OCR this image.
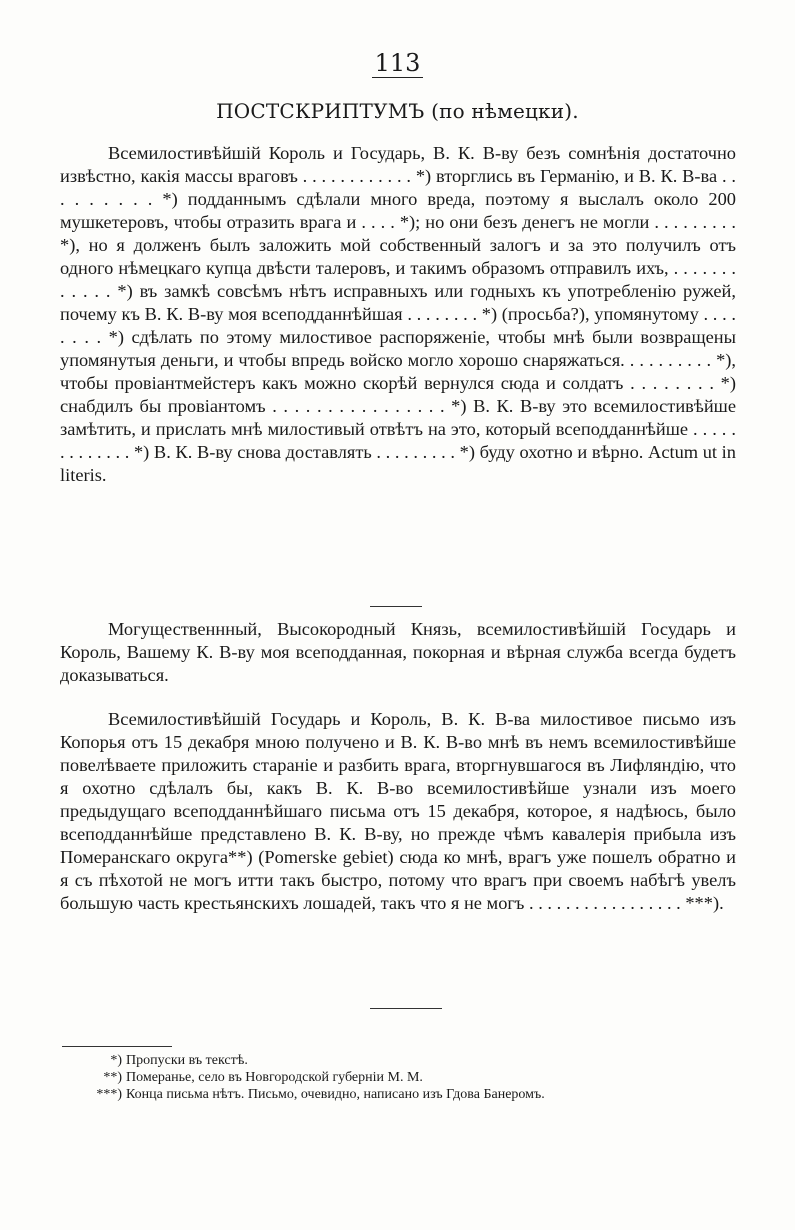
113
ПОСТСКРИПТУМЪ (по нѣмецки).

Всемилостивѣйшій Король и Государь, В. К. В-ву безъ сомнѣнія достаточно извѣстно, какія массы враговъ . . . . . . . . . . . . *) вторглись въ Германію, и В. К. В-ва . . . . . . . . . *) подданнымъ сдѣлали много вреда, поэтому я выслалъ около 200 мушкетеровъ, чтобы отразить врага и . . . . *); но они безъ денегъ не могли . . . . . . . . . *), но я долженъ былъ заложить мой собственный залогъ и за это получилъ отъ одного нѣмецкаго купца двѣсти талеровъ, и такимъ образомъ отправилъ ихъ, . . . . . . . . . . . . *) въ замкѣ совсѣмъ нѣтъ исправныхъ или годныхъ къ употребленію ружей, почему къ В. К. В-ву моя всеподданнѣйшая . . . . . . . . *) (просьба?), упомянутому . . . . . . . . *) сдѣлать по этому милостивое распоряженіе, чтобы мнѣ были возвращены упомянутыя деньги, и чтобы впредь войско могло хорошо снаряжаться. . . . . . . . . . *), чтобы провіантмейстеръ какъ можно скорѣй вернулся сюда и солдатъ . . . . . . . . *) снабдилъ бы провіантомъ . . . . . . . . . . . . . . . . *) В. К. В-ву это всемилостивѣйше замѣтить, и прислать мнѣ милостивый отвѣтъ на это, который всеподданнѣйше . . . . . . . . . . . . . *) В. К. В-ву снова доставлять . . . . . . . . . *) буду охотно и вѣрно. Actum ut in literis.

Могущественнный, Высокородный Князь, всемилостивѣйшій Государь и Король, Вашему К. В-ву моя всеподданная, покорная и вѣрная служба всегда будетъ доказываться.

Всемилостивѣйшій Государь и Король, В. К. В-ва милостивое письмо изъ Копорья отъ 15 декабря мною получено и В. К. В-во мнѣ въ немъ всемилостивѣйше повелѣваете приложить стараніе и разбить врага, вторгнувшагося въ Лифляндію, что я охотно сдѣлалъ бы, какъ В. К. В-во всемилостивѣйше узнали изъ моего предыдущаго всеподданнѣйшаго письма отъ 15 декабря, которое, я надѣюсь, было всеподданнѣйше представлено В. К. В-ву, но прежде чѣмъ кавалерія прибыла изъ Померанскаго округа**) (Pomerske gebiet) сюда ко мнѣ, врагъ уже пошелъ обратно и я съ пѣхотой не могъ итти такъ быстро, потому что врагъ при своемъ набѣгѣ увелъ большую часть крестьянскихъ лошадей, такъ что я не могъ . . . . . . . . . . . . . . . . . ***).

*) Пропуски въ текстѣ.
**) Померанье, село въ Новгородской губерніи М. М.
***) Конца письма нѣтъ. Письмо, очевидно, написано изъ Гдова Банеромъ.
